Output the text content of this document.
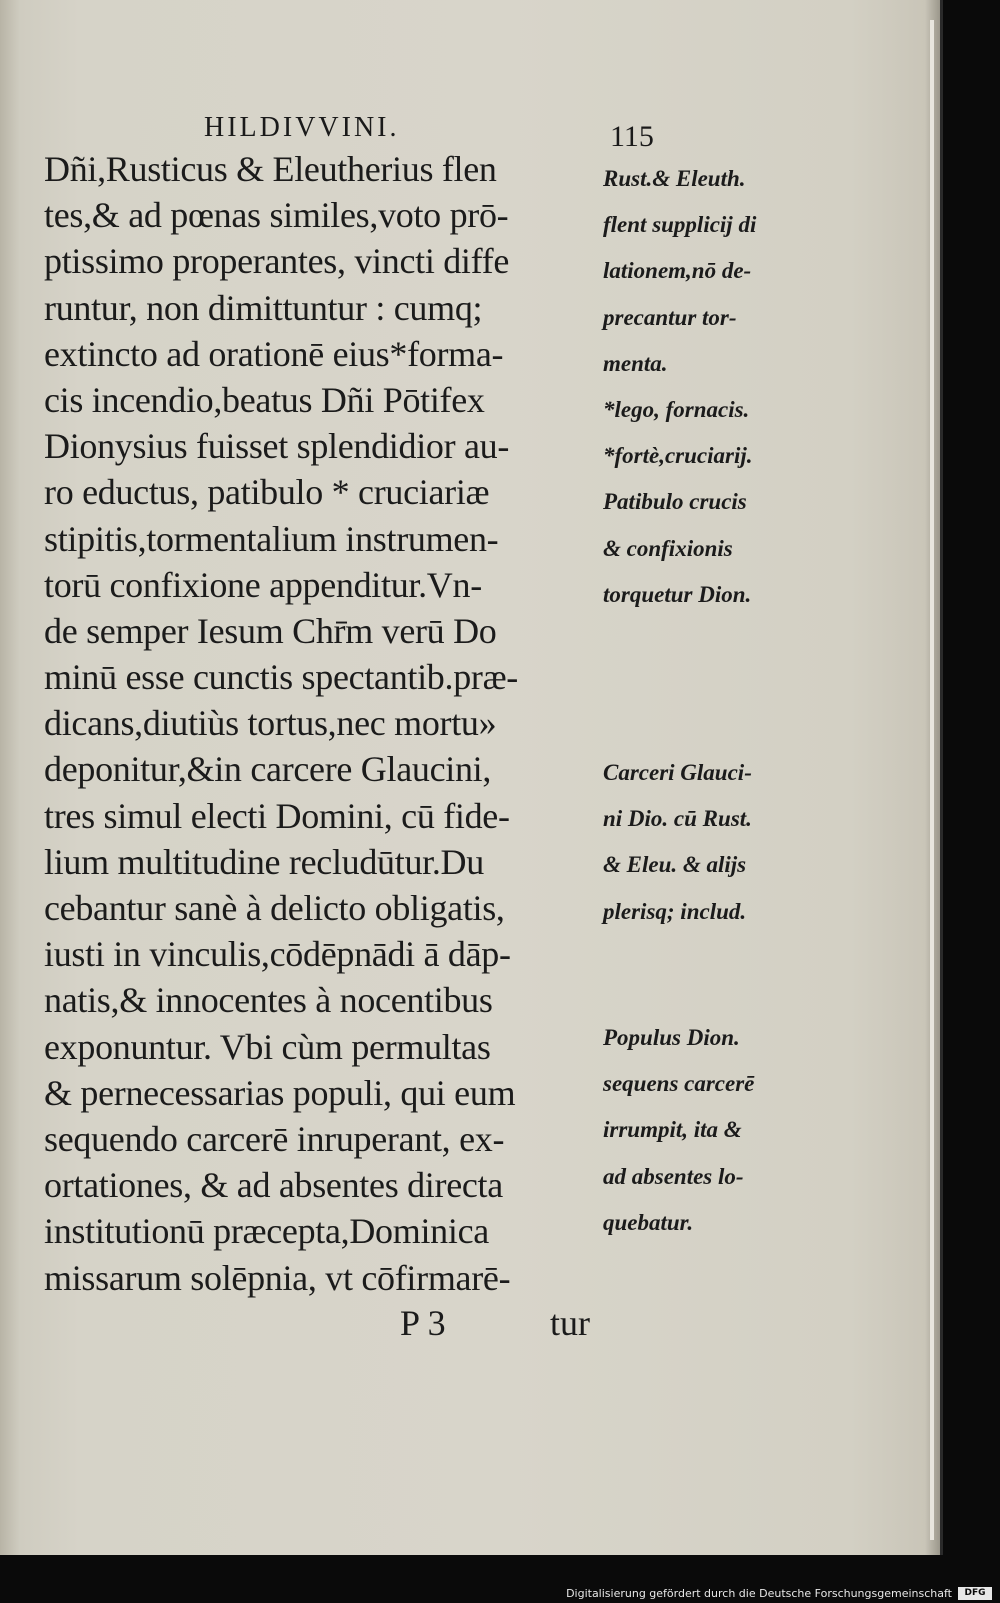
HILDIVVINI.	115
Dñi,Rusticus & Eleutherius flen
tes,& ad pœnas similes,voto prō-
ptissimo properantes, vincti diffe
runtur, non dimittuntur : cumq;
extincto ad orationē eius*forma-
cis incendio,beatus Dñi Pōtifex
Dionysius fuisset splendidior au-
ro eductus, patibulo * cruciariæ
stipitis,tormentalium instrumen-
torū confixione appenditur.Vn-
de semper Iesum Chr̄m verū Do
minū esse cunctis spectantib.præ-
dicans,diutiùs tortus,nec mortu»
deponitur,&in carcere Glaucini,
tres simul electi Domini, cū fide-
lium multitudine recludūtur.Du
cebantur sanè à delicto obligatis,
iusti in vinculis,cōdēpnādi ā dāp-
natis,& innocentes à nocentibus
exponuntur. Vbi cùm permultas
& pernecessarias populi, qui eum
sequendo carcerē inruperant, ex-
ortationes, & ad absentes directa
institutionū præcepta,Dominica
missarum solēpnia, vt cōfirmarē-
Rust.& Eleuth.
flent supplicij di
lationem,nō de-
precantur tor-
menta.
*lego, fornacis.
*fortè,cruciarij.
Patibulo crucis
& confixionis
torquetur Dion.
Carceri Glauci-
ni Dio. cū Rust.
& Eleu. & alijs
plerisq; includ.
Populus Dion.
sequens carcerē
irrumpit, ita &
ad absentes lo-
quebatur.
P 3	tur
Digitalisierung gefördert durch die Deutsche Forschungsgemeinschaft	DFG
